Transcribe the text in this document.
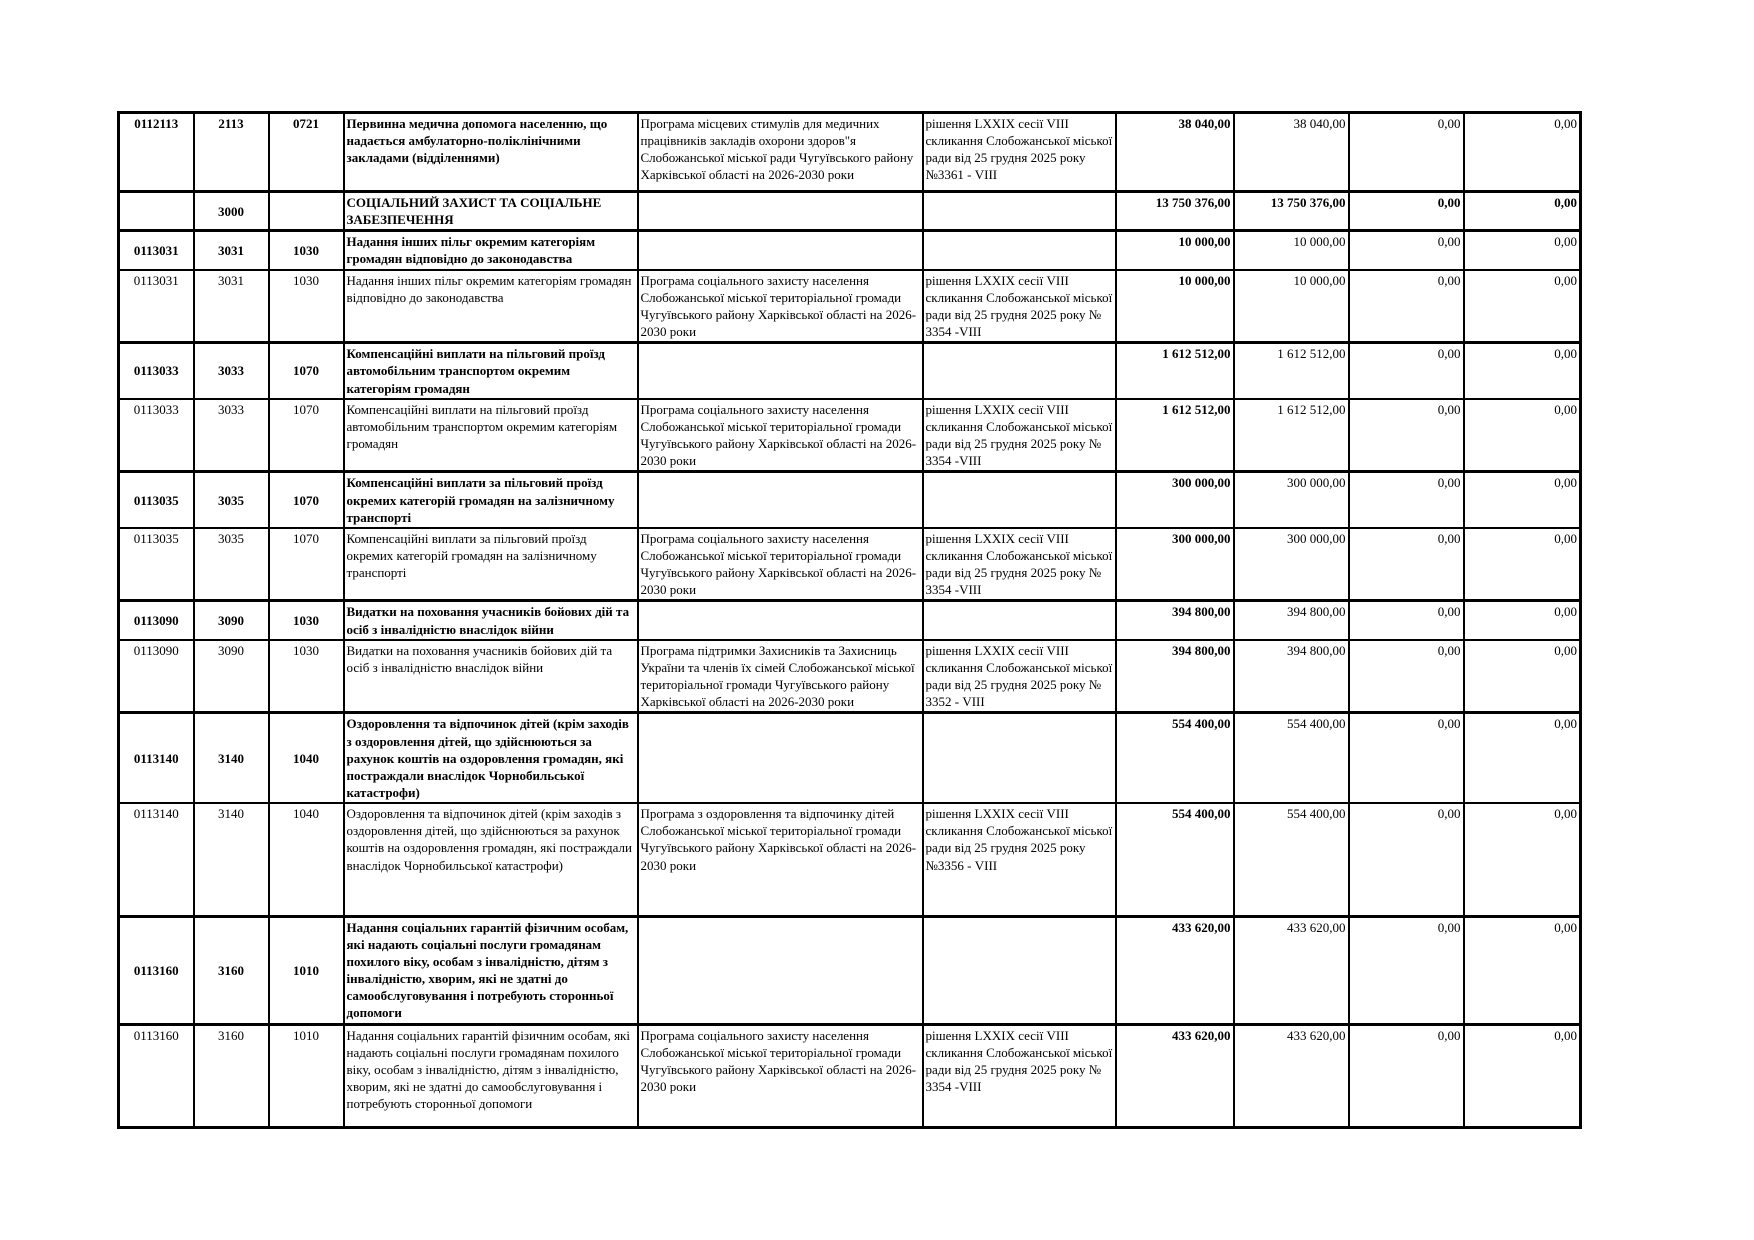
0112113	2113	0721	Первинна медична допомога населенню, що надається амбулаторно-поліклінічними закладами (відділеннями)	Програма місцевих стимулів для медичних працівників закладів охорони здоров"я Слобожанської міської ради Чугуївського району Харківської області на 2026-2030 роки	рішення LXXIX сесії VIII скликання Слобожанської міської ради від 25 грудня 2025 року №3361 - VIII	38 040,00	38 040,00	0,00	0,00
	3000		СОЦІАЛЬНИЙ ЗАХИСТ ТА СОЦІАЛЬНЕ ЗАБЕЗПЕЧЕННЯ			13 750 376,00	13 750 376,00	0,00	0,00
0113031	3031	1030	Надання інших пільг окремим категоріям громадян відповідно до законодавства			10 000,00	10 000,00	0,00	0,00
0113031	3031	1030	Надання інших пільг окремим категоріям громадян відповідно до законодавства	Програма соціального захисту населення Слобожанської міської територіальної громади Чугуївського району Харківської області на 2026-2030 роки	рішення LXXIX сесії VIII скликання Слобожанської міської ради від 25 грудня 2025 року № 3354 -VIII	10 000,00	10 000,00	0,00	0,00
0113033	3033	1070	Компенсаційні виплати на пільговий проїзд автомобільним транспортом окремим категоріям громадян			1 612 512,00	1 612 512,00	0,00	0,00
0113033	3033	1070	Компенсаційні виплати на пільговий проїзд автомобільним транспортом окремим категоріям громадян	Програма соціального захисту населення Слобожанської міської територіальної громади Чугуївського району Харківської області на 2026-2030 роки	рішення LXXIX сесії VIII скликання Слобожанської міської ради від 25 грудня 2025 року № 3354 -VIII	1 612 512,00	1 612 512,00	0,00	0,00
0113035	3035	1070	Компенсаційні виплати за пільговий проїзд окремих категорій громадян на залізничному транспорті			300 000,00	300 000,00	0,00	0,00
0113035	3035	1070	Компенсаційні виплати за пільговий проїзд окремих категорій громадян на залізничному транспорті	Програма соціального захисту населення Слобожанської міської територіальної громади Чугуївського району Харківської області на 2026-2030 роки	рішення LXXIX сесії VIII скликання Слобожанської міської ради від 25 грудня 2025 року № 3354 -VIII	300 000,00	300 000,00	0,00	0,00
0113090	3090	1030	Видатки на поховання учасників бойових дій та осіб з інвалідністю внаслідок війни			394 800,00	394 800,00	0,00	0,00
0113090	3090	1030	Видатки на поховання учасників бойових дій та осіб з інвалідністю внаслідок війни	Програма підтримки Захисників та Захисниць України та членів їх сімей Слобожанської міської територіальної громади Чугуївського району Харківської області на 2026-2030 роки	рішення LXXIX сесії VIII скликання Слобожанської міської ради від 25 грудня 2025 року № 3352 - VIII	394 800,00	394 800,00	0,00	0,00
0113140	3140	1040	Оздоровлення та відпочинок дітей (крім заходів з оздоровлення дітей, що здійснюються за рахунок коштів на оздоровлення громадян, які постраждали внаслідок Чорнобильської катастрофи)			554 400,00	554 400,00	0,00	0,00
0113140	3140	1040	Оздоровлення та відпочинок дітей (крім заходів з оздоровлення дітей, що здійснюються за рахунок коштів на оздоровлення громадян, які постраждали внаслідок Чорнобильської катастрофи)	Програма з оздоровлення та відпочинку дітей Слобожанської міської територіальної громади Чугуївського району Харківської області на 2026-2030 роки	рішення LXXIX сесії VIII скликання Слобожанської міської ради від 25 грудня 2025 року №3356 - VIII	554 400,00	554 400,00	0,00	0,00
0113160	3160	1010	Надання соціальних гарантій фізичним особам, які надають соціальні послуги громадянам похилого віку, особам з інвалідністю, дітям з інвалідністю, хворим, які не здатні до самообслуговування і потребують сторонньої допомоги			433 620,00	433 620,00	0,00	0,00
0113160	3160	1010	Надання соціальних гарантій фізичним особам, які надають соціальні послуги громадянам похилого віку, особам з інвалідністю, дітям з інвалідністю, хворим, які не здатні до самообслуговування і потребують сторонньої допомоги	Програма соціального захисту населення Слобожанської міської територіальної громади Чугуївського району Харківської області на 2026-2030 роки	рішення LXXIX сесії VIII скликання Слобожанської міської ради від 25 грудня 2025 року № 3354 -VIII	433 620,00	433 620,00	0,00	0,00
